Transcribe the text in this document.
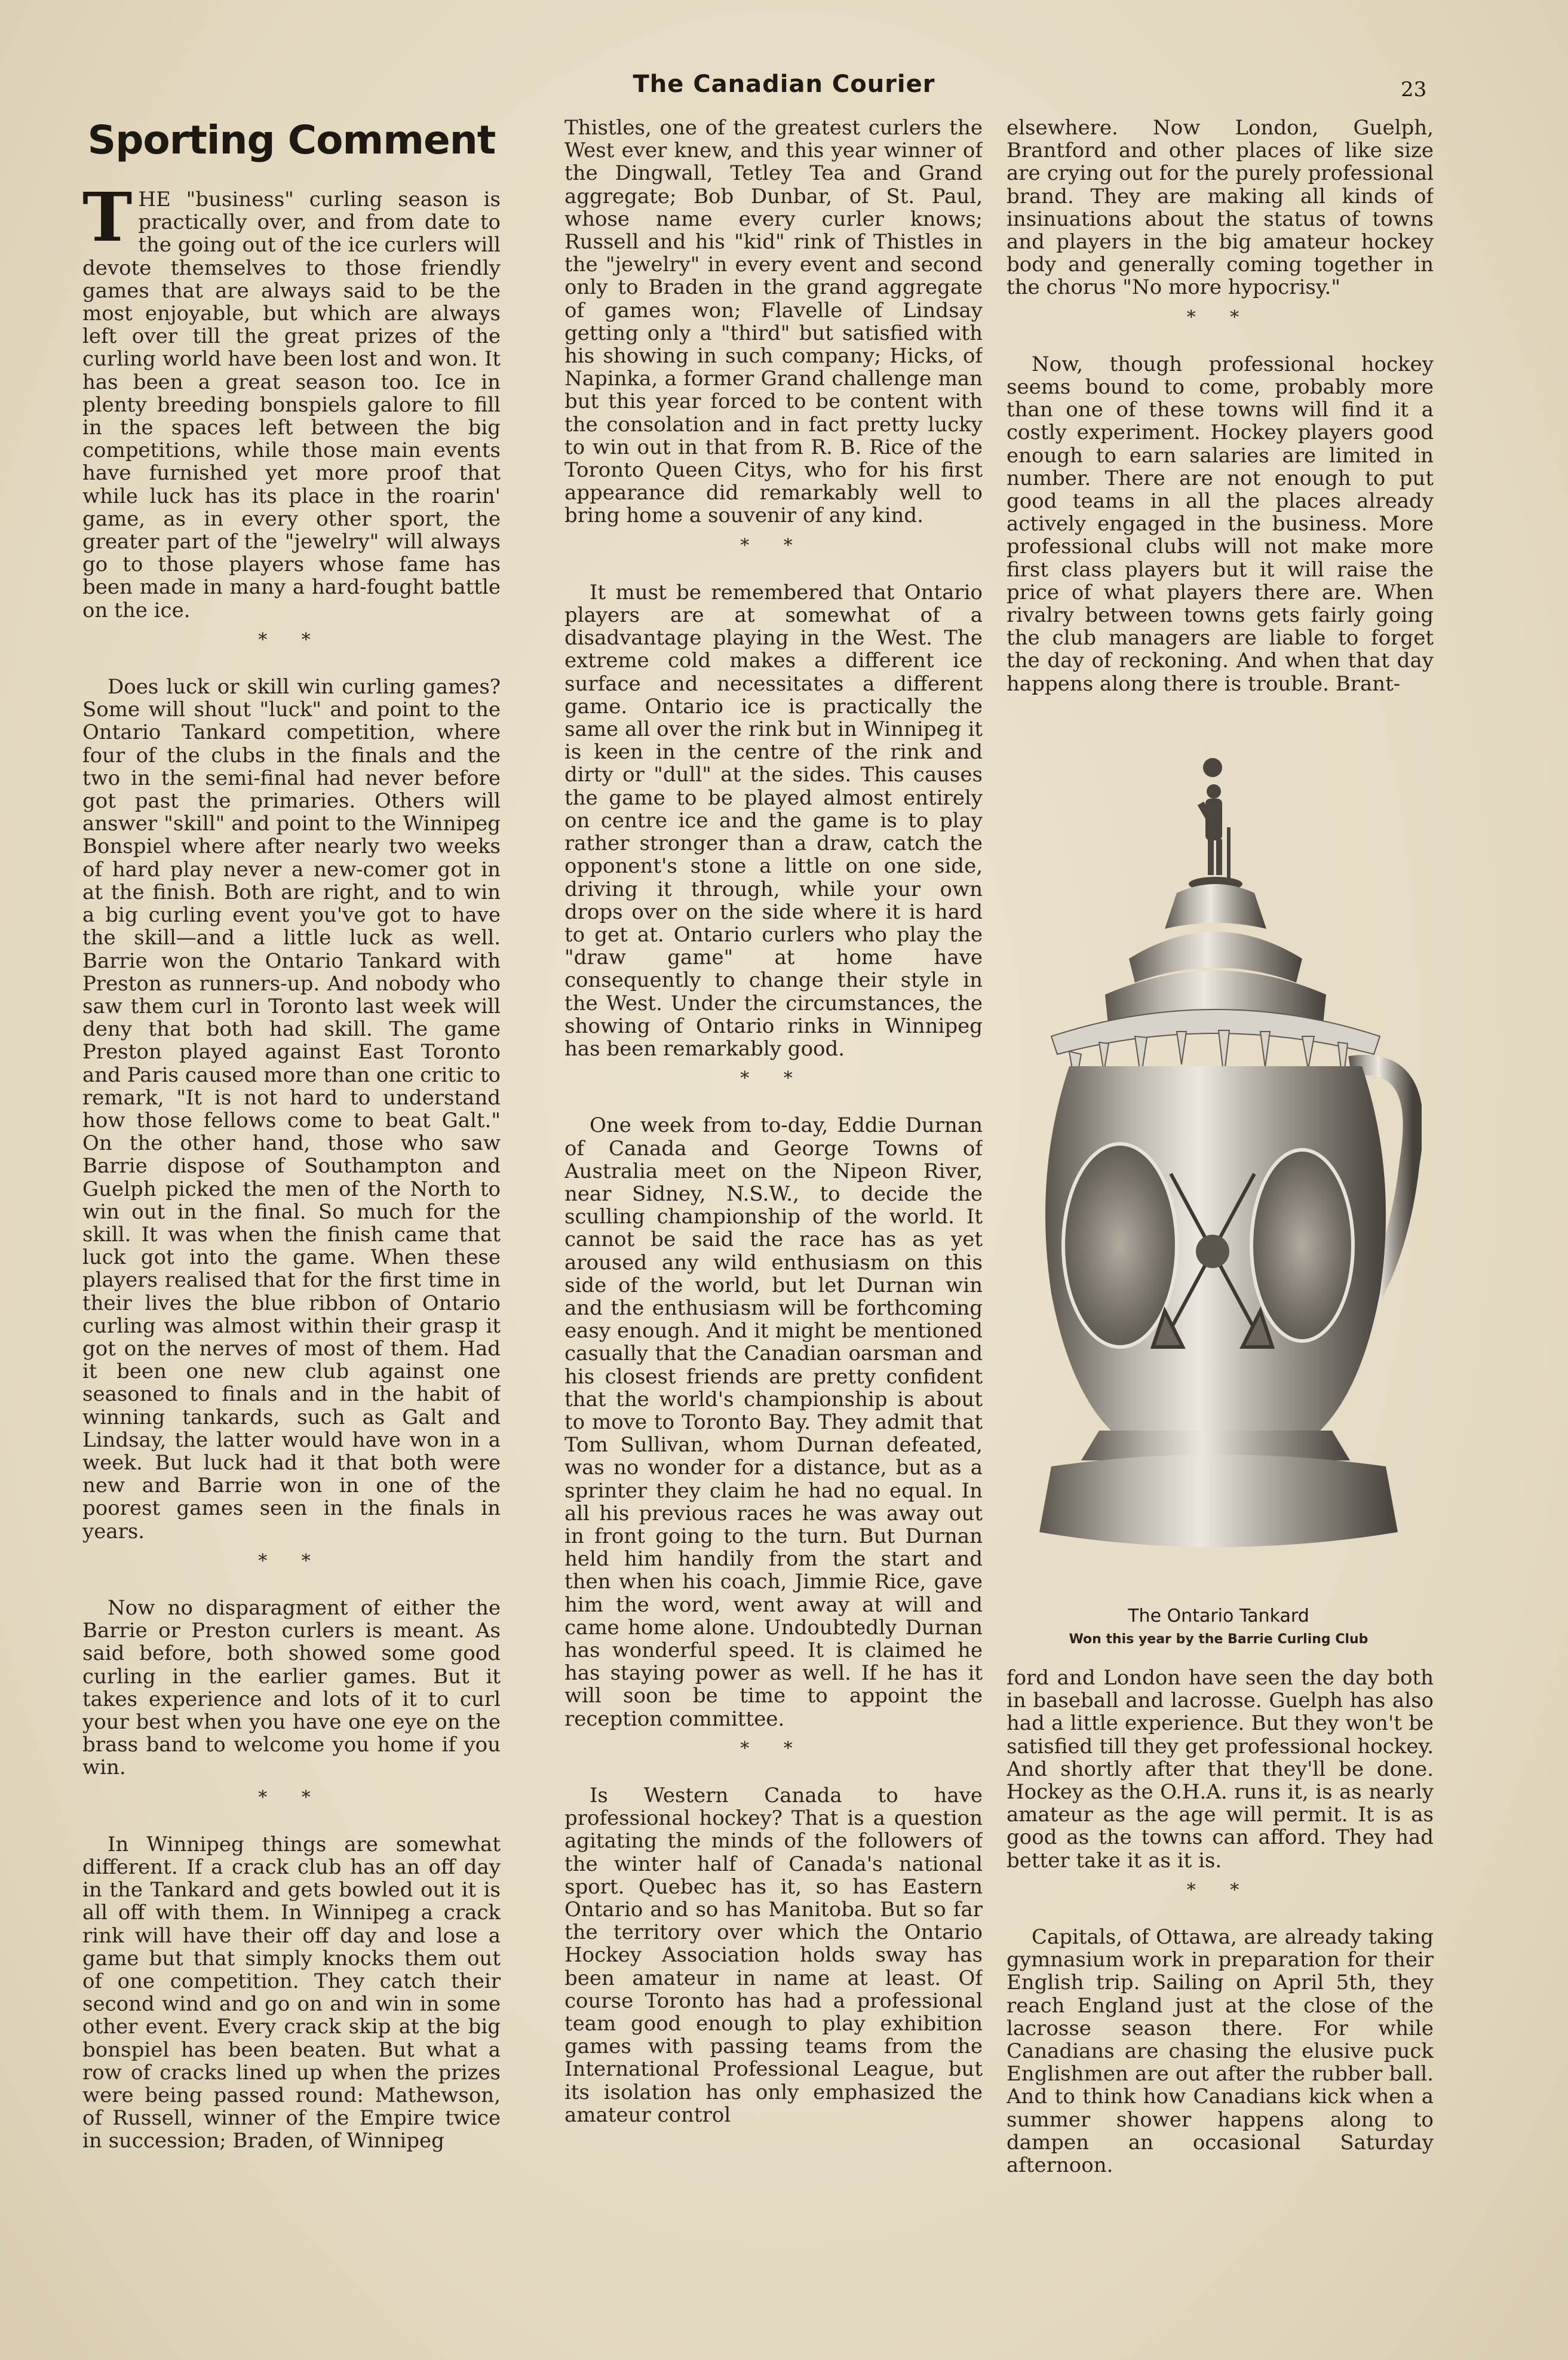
The Canadian Courier	23
Sporting Comment

THE "business" curling season is practically over, and from date to the going out of the ice curlers will devote themselves to those friendly games that are always said to be the most enjoyable, but which are always left over till the great prizes of the curling world have been lost and won. It has been a great season too. Ice in plenty breeding bonspiels galore to fill in the spaces left between the big competitions, while those main events have furnished yet more proof that while luck has its place in the roarin' game, as in every other sport, the greater part of the "jewelry" will always go to those players whose fame has been made in many a hard-fought battle on the ice.

* *

Does luck or skill win curling games? Some will shout "luck" and point to the Ontario Tankard competition, where four of the clubs in the finals and the two in the semi-final had never before got past the primaries. Others will answer "skill" and point to the Winnipeg Bonspiel where after nearly two weeks of hard play never a new-comer got in at the finish. Both are right, and to win a big curling event you've got to have the skill—and a little luck as well. Barrie won the Ontario Tankard with Preston as runners-up. And nobody who saw them curl in Toronto last week will deny that both had skill. The game Preston played against East Toronto and Paris caused more than one critic to remark, "It is not hard to understand how those fellows come to beat Galt." On the other hand, those who saw Barrie dispose of Southampton and Guelph picked the men of the North to win out in the final. So much for the skill. It was when the finish came that luck got into the game. When these players realised that for the first time in their lives the blue ribbon of Ontario curling was almost within their grasp it got on the nerves of most of them. Had it been one new club against one seasoned to finals and in the habit of winning tankards, such as Galt and Lindsay, the latter would have won in a week. But luck had it that both were new and Barrie won in one of the poorest games seen in the finals in years.

* *

Now no disparagment of either the Barrie or Preston curlers is meant. As said before, both showed some good curling in the earlier games. But it takes experience and lots of it to curl your best when you have one eye on the brass band to welcome you home if you win.

* *

In Winnipeg things are somewhat different. If a crack club has an off day in the Tankard and gets bowled out it is all off with them. In Winnipeg a crack rink will have their off day and lose a game but that simply knocks them out of one competition. They catch their second wind and go on and win in some other event. Every crack skip at the big bonspiel has been beaten. But what a row of cracks lined up when the prizes were being passed round: Mathewson, of Russell, winner of the Empire twice in succession; Braden, of Winnipeg

Thistles, one of the greatest curlers the West ever knew, and this year winner of the Dingwall, Tetley Tea and Grand aggregate; Bob Dunbar, of St. Paul, whose name every curler knows; Russell and his "kid" rink of Thistles in the "jewelry" in every event and second only to Braden in the grand aggregate of games won; Flavelle of Lindsay getting only a "third" but satisfied with his showing in such company; Hicks, of Napinka, a former Grand challenge man but this year forced to be content with the consolation and in fact pretty lucky to win out in that from R. B. Rice of the Toronto Queen Citys, who for his first appearance did remarkably well to bring home a souvenir of any kind.

* *

It must be remembered that Ontario players are at somewhat of a disadvantage playing in the West. The extreme cold makes a different ice surface and necessitates a different game. Ontario ice is practically the same all over the rink but in Winnipeg it is keen in the centre of the rink and dirty or "dull" at the sides. This causes the game to be played almost entirely on centre ice and the game is to play rather stronger than a draw, catch the opponent's stone a little on one side, driving it through, while your own drops over on the side where it is hard to get at. Ontario curlers who play the "draw game" at home have consequently to change their style in the West. Under the circumstances, the showing of Ontario rinks in Winnipeg has been remarkably good.

* *

One week from to-day, Eddie Durnan of Canada and George Towns of Australia meet on the Nipeon River, near Sidney, N.S.W., to decide the sculling championship of the world. It cannot be said the race has as yet aroused any wild enthusiasm on this side of the world, but let Durnan win and the enthusiasm will be forthcoming easy enough. And it might be mentioned casually that the Canadian oarsman and his closest friends are pretty confident that the world's championship is about to move to Toronto Bay. They admit that Tom Sullivan, whom Durnan defeated, was no wonder for a distance, but as a sprinter they claim he had no equal. In all his previous races he was away out in front going to the turn. But Durnan held him handily from the start and then when his coach, Jimmie Rice, gave him the word, went away at will and came home alone. Undoubtedly Durnan has wonderful speed. It is claimed he has staying power as well. If he has it will soon be time to appoint the reception committee.

* *

Is Western Canada to have professional hockey? That is a question agitating the minds of the followers of the winter half of Canada's national sport. Quebec has it, so has Eastern Ontario and so has Manitoba. But so far the territory over which the Ontario Hockey Association holds sway has been amateur in name at least. Of course Toronto has had a professional team good enough to play exhibition games with passing teams from the International Professional League, but its isolation has only emphasized the amateur control

elsewhere. Now London, Guelph, Brantford and other places of like size are crying out for the purely professional brand. They are making all kinds of insinuations about the status of towns and players in the big amateur hockey body and generally coming together in the chorus "No more hypocrisy."

* *

Now, though professional hockey seems bound to come, probably more than one of these towns will find it a costly experiment. Hockey players good enough to earn salaries are limited in number. There are not enough to put good teams in all the places already actively engaged in the business. More professional clubs will not make more first class players but it will raise the price of what players there are. When rivalry between towns gets fairly going the club managers are liable to forget the day of reckoning. And when that day happens along there is trouble. Brant-

The Ontario Tankard
Won this year by the Barrie Curling Club

ford and London have seen the day both in baseball and lacrosse. Guelph has also had a little experience. But they won't be satisfied till they get professional hockey. And shortly after that they'll be done. Hockey as the O.H.A. runs it, is as nearly amateur as the age will permit. It is as good as the towns can afford. They had better take it as it is.

* *

Capitals, of Ottawa, are already taking gymnasium work in preparation for their English trip. Sailing on April 5th, they reach England just at the close of the lacrosse season there. For while Canadians are chasing the elusive puck Englishmen are out after the rubber ball. And to think how Canadians kick when a summer shower happens along to dampen an occasional Saturday afternoon.
